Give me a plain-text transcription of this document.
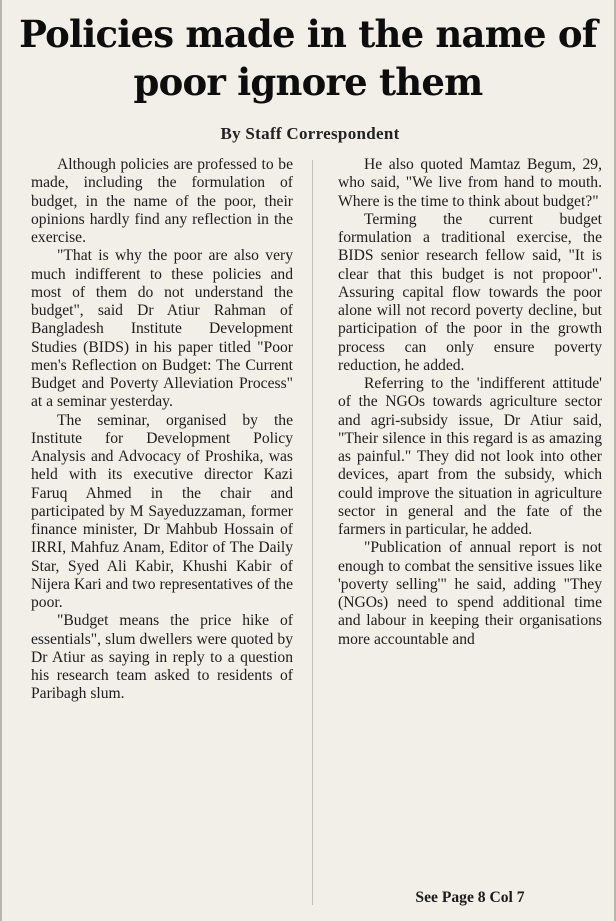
Policies made in the name of poor ignore them
By Staff Correspondent

Although policies are professed to be made, including the formulation of budget, in the name of the poor, their opinions hardly find any reflection in the exercise.

"That is why the poor are also very much indifferent to these policies and most of them do not understand the budget", said Dr Atiur Rahman of Bangladesh Institute Development Studies (BIDS) in his paper titled "Poor men's Reflection on Budget: The Current Budget and Poverty Alleviation Process" at a seminar yesterday.

The seminar, organised by the Institute for Development Policy Analysis and Advocacy of Proshika, was held with its executive director Kazi Faruq Ahmed in the chair and participated by M Sayeduzzaman, former finance minister, Dr Mahbub Hossain of IRRI, Mahfuz Anam, Editor of The Daily Star, Syed Ali Kabir, Khushi Kabir of Nijera Kari and two representatives of the poor.

"Budget means the price hike of essentials", slum dwellers were quoted by Dr Atiur as saying in reply to a question his research team asked to residents of Paribagh slum.

He also quoted Mamtaz Begum, 29, who said, "We live from hand to mouth. Where is the time to think about budget?"

Terming the current budget formulation a traditional exercise, the BIDS senior research fellow said, "It is clear that this budget is not propoor". Assuring capital flow towards the poor alone will not record poverty decline, but participation of the poor in the growth process can only ensure poverty reduction, he added.

Referring to the 'indifferent attitude' of the NGOs towards agriculture sector and agri-subsidy issue, Dr Atiur said, "Their silence in this regard is as amazing as painful." They did not look into other devices, apart from the subsidy, which could improve the situation in agriculture sector in general and the fate of the farmers in particular, he added.

"Publication of annual report is not enough to combat the sensitive issues like 'poverty selling'" he said, adding "They (NGOs) need to spend additional time and labour in keeping their organisations more accountable and

See Page 8 Col 7
